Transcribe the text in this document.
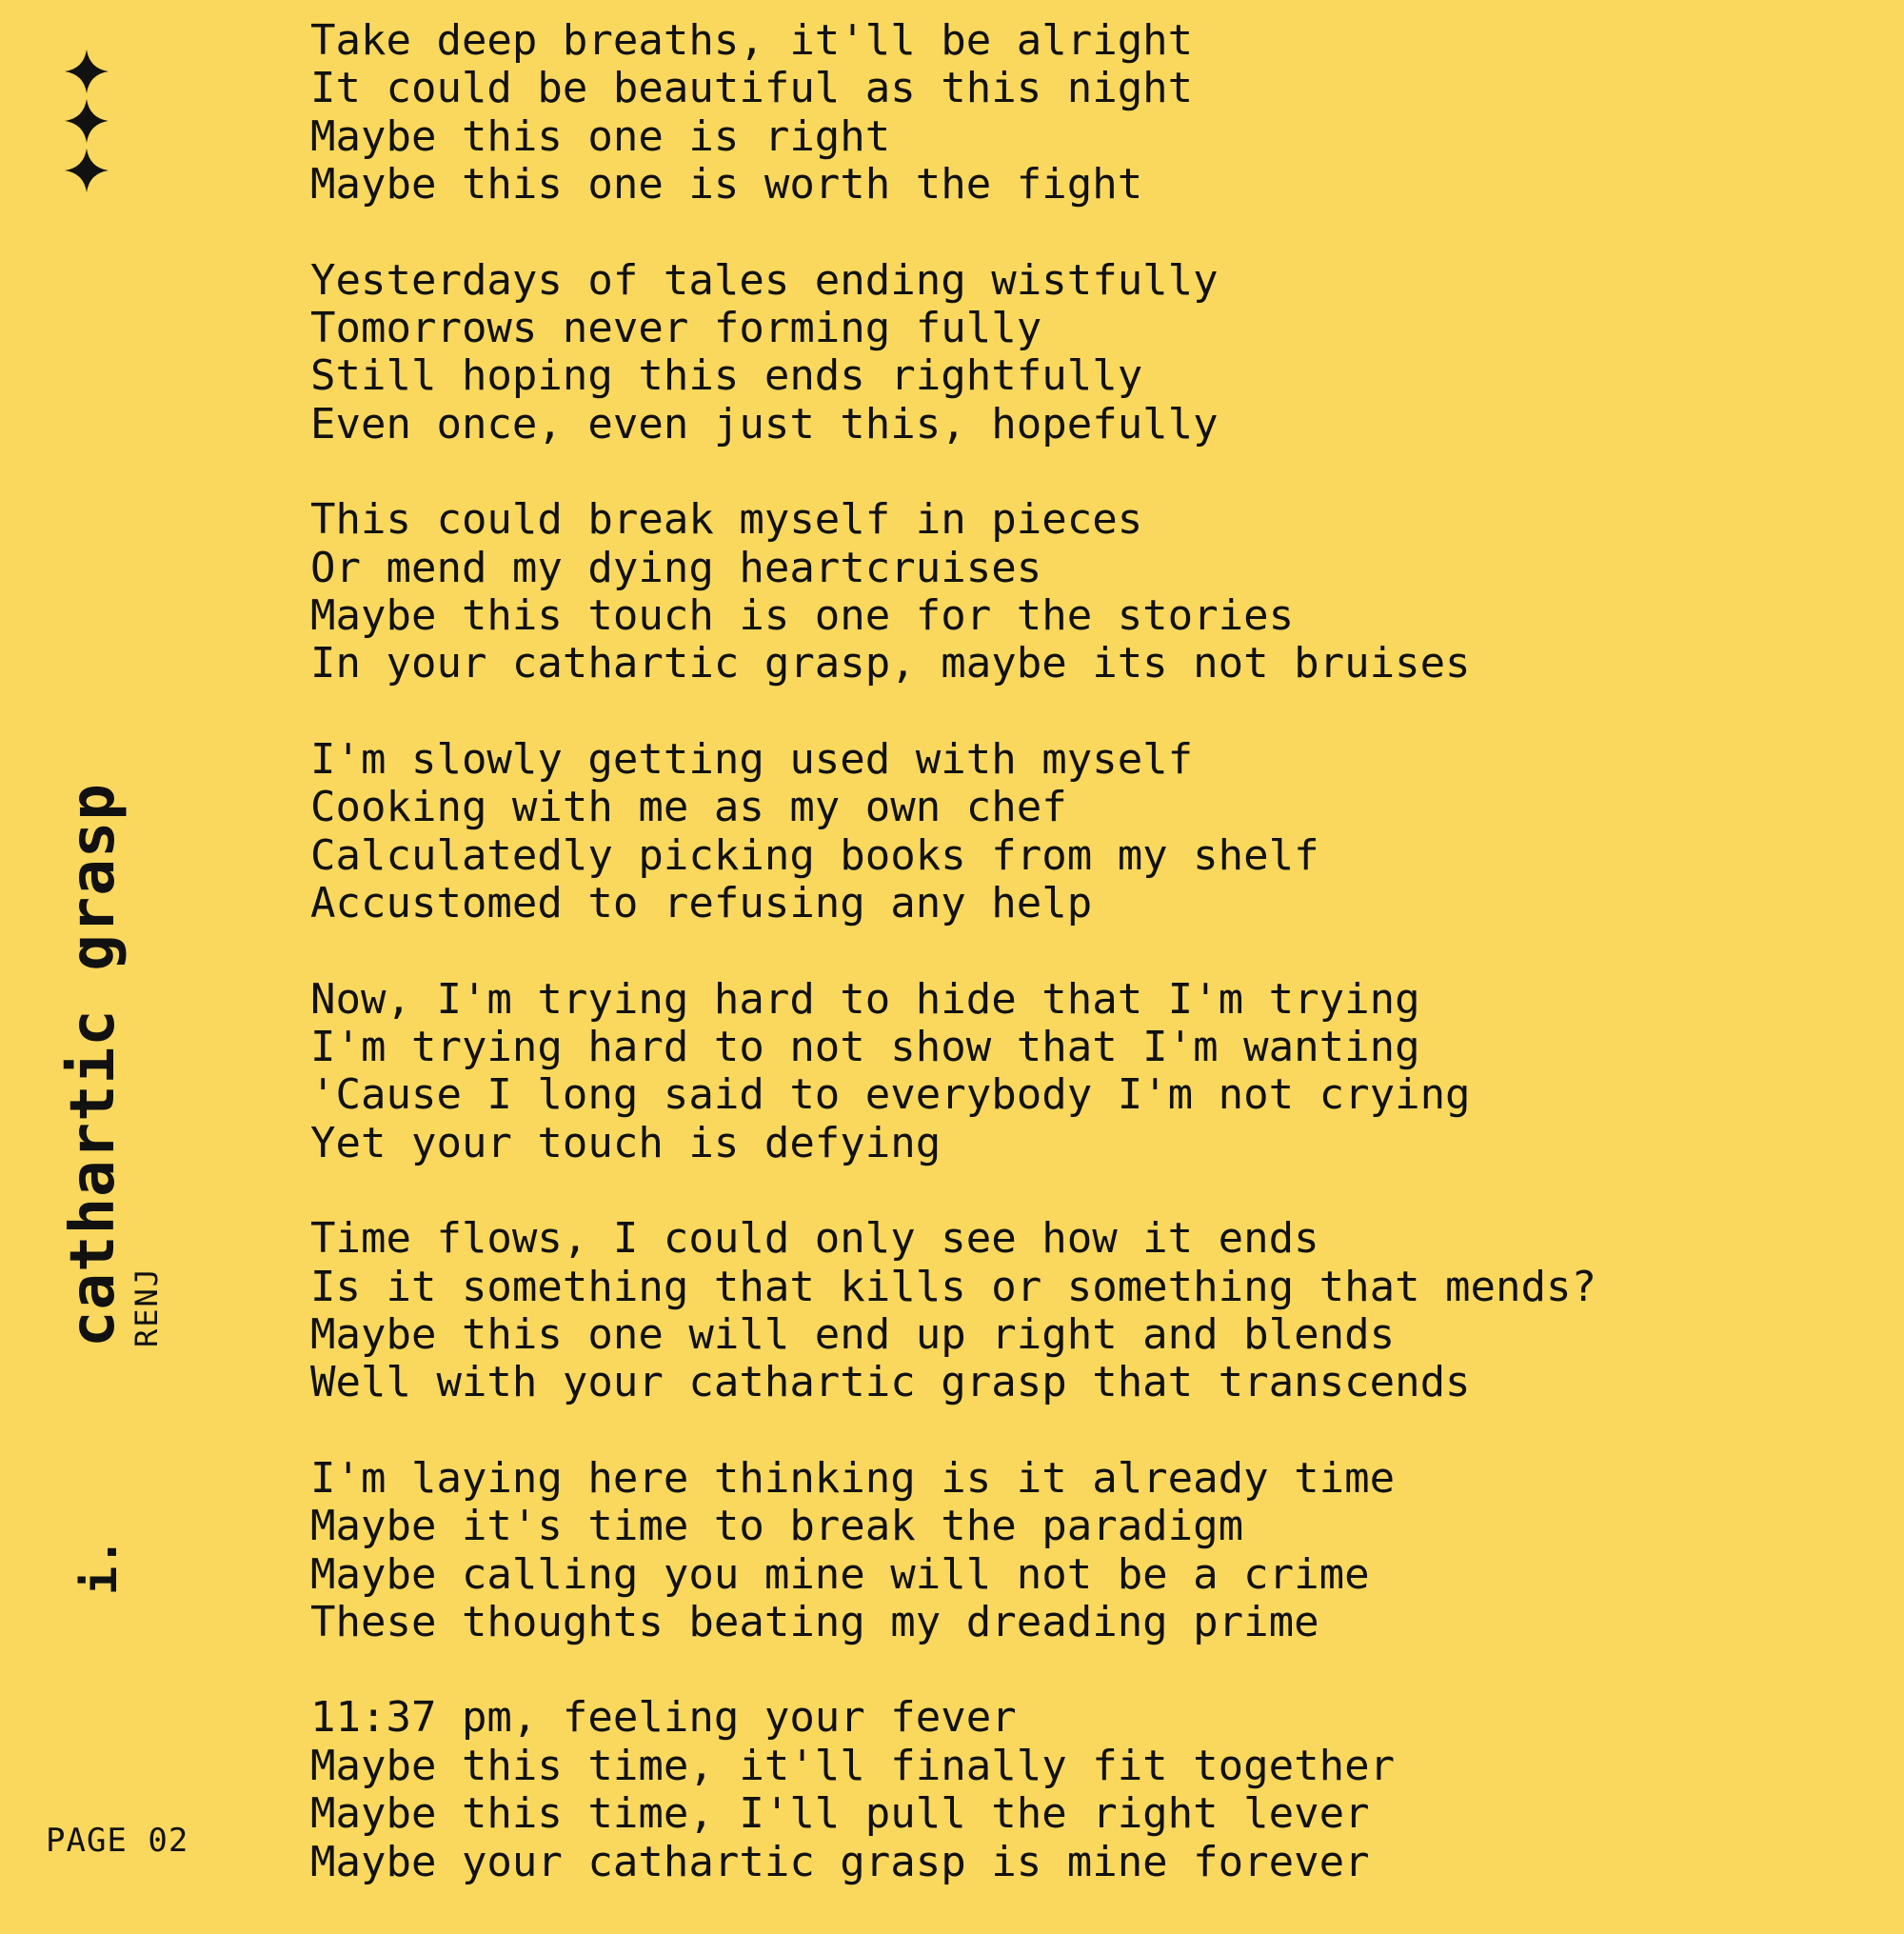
cathartic grasp RENJ
i.
PAGE 02
Take deep breaths, it'll be alright
It could be beautiful as this night
Maybe this one is right
Maybe this one is worth the fight
Yesterdays of tales ending wistfully
Tomorrows never forming fully
Still hoping this ends rightfully
Even once, even just this, hopefully
This could break myself in pieces
Or mend my dying heartcruises
Maybe this touch is one for the stories
In your cathartic grasp, maybe its not bruises
I'm slowly getting used with myself
Cooking with me as my own chef
Calculatedly picking books from my shelf
Accustomed to refusing any help
Now, I'm trying hard to hide that I'm trying
I'm trying hard to not show that I'm wanting
'Cause I long said to everybody I'm not crying
Yet your touch is defying
Time flows, I could only see how it ends
Is it something that kills or something that mends?
Maybe this one will end up right and blends
Well with your cathartic grasp that transcends
I'm laying here thinking is it already time
Maybe it's time to break the paradigm
Maybe calling you mine will not be a crime
These thoughts beating my dreading prime
11:37 pm, feeling your fever
Maybe this time, it'll finally fit together
Maybe this time, I'll pull the right lever
Maybe your cathartic grasp is mine forever
